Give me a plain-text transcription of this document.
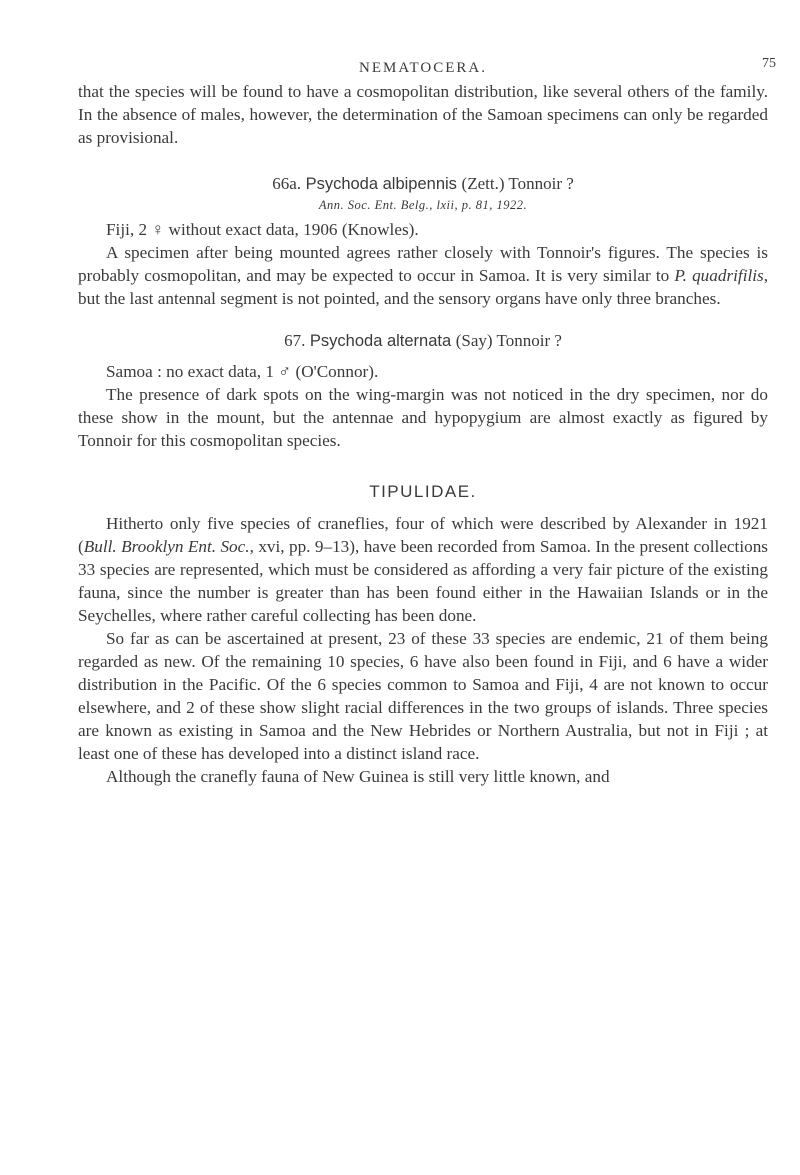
NEMATOCERA.	75

that the species will be found to have a cosmopolitan distribution, like several others of the family. In the absence of males, however, the determination of the Samoan specimens can only be regarded as provisional.

66a. Psychoda albipennis (Zett.) Tonnoir ?
Ann. Soc. Ent. Belg., lxii, p. 81, 1922.

Fiji, 2 ♀ without exact data, 1906 (Knowles).

A specimen after being mounted agrees rather closely with Tonnoir's figures. The species is probably cosmopolitan, and may be expected to occur in Samoa. It is very similar to P. quadrifilis, but the last antennal segment is not pointed, and the sensory organs have only three branches.

67. Psychoda alternata (Say) Tonnoir ?

Samoa : no exact data, 1 ♂ (O'Connor).

The presence of dark spots on the wing-margin was not noticed in the dry specimen, nor do these show in the mount, but the antennae and hypopygium are almost exactly as figured by Tonnoir for this cosmopolitan species.

TIPULIDAE.

Hitherto only five species of craneflies, four of which were described by Alexander in 1921 (Bull. Brooklyn Ent. Soc., xvi, pp. 9–13), have been recorded from Samoa. In the present collections 33 species are represented, which must be considered as affording a very fair picture of the existing fauna, since the number is greater than has been found either in the Hawaiian Islands or in the Seychelles, where rather careful collecting has been done.

So far as can be ascertained at present, 23 of these 33 species are endemic, 21 of them being regarded as new. Of the remaining 10 species, 6 have also been found in Fiji, and 6 have a wider distribution in the Pacific. Of the 6 species common to Samoa and Fiji, 4 are not known to occur elsewhere, and 2 of these show slight racial differences in the two groups of islands. Three species are known as existing in Samoa and the New Hebrides or Northern Australia, but not in Fiji ; at least one of these has developed into a distinct island race.

Although the cranefly fauna of New Guinea is still very little known, and
